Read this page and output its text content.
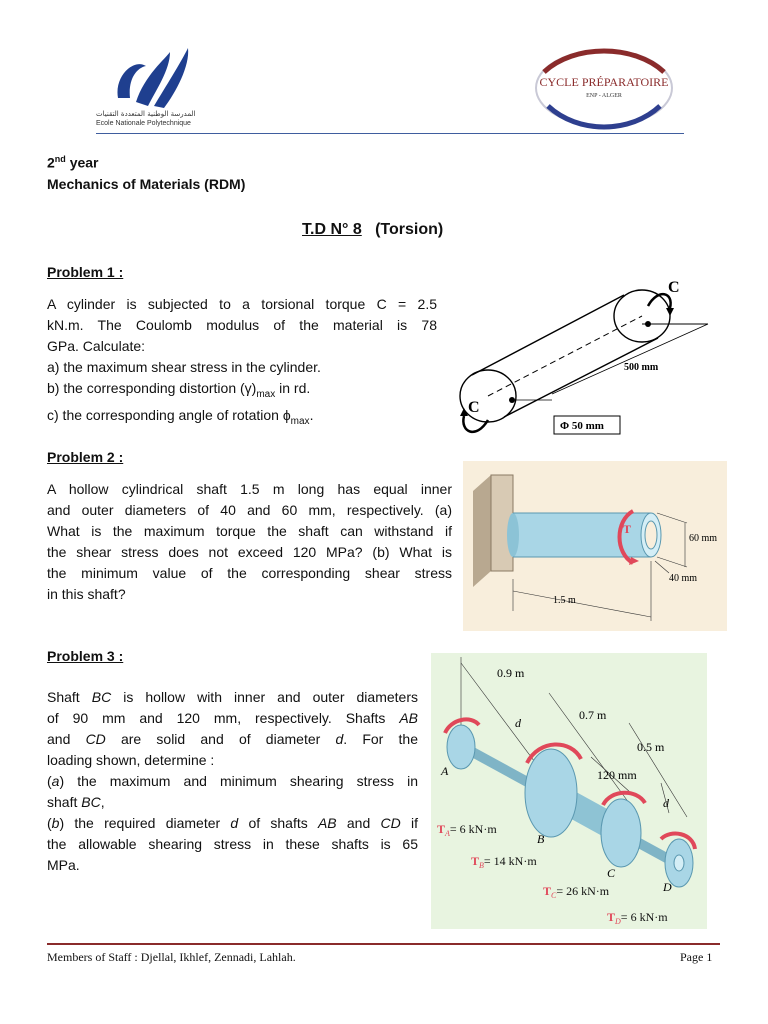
المدرسة الوطنية المتعددة التقنيات
Ecole Nationale Polytechnique
CYCLE PRÉPARATOIRE
ENP - ALGER
2nd year
Mechanics of Materials (RDM)
T.D N° 8 (Torsion)
Problem 1 :
A cylinder is subjected to a torsional torque C = 2.5
kN.m. The Coulomb modulus of the material is 78
GPa. Calculate:
a) the maximum shear stress in the cylinder.
b) the corresponding distortion $(\gamma)_{max}$ in rd.
c) the corresponding angle of rotation $\phi_{max}$.
C
C
500 mm
Φ 50 mm
Problem 2 :
A hollow cylindrical shaft 1.5 m long has equal inner
and outer diameters of 40 and 60 mm, respectively. (a)
What is the maximum torque the shaft can withstand if
the shear stress does not exceed 120 MPa? (b) What is
the minimum value of the corresponding shear stress
in this shaft?
T
60 mm
40 mm
1.5 m
Problem 3 :
Shaft BC is hollow with inner and outer diameters
of 90 mm and 120 mm, respectively. Shafts AB
and CD are solid and of diameter d. For the
loading shown, determine :
(a) the maximum and minimum shearing stress in
shaft BC,
(b) the required diameter d of shafts AB and CD if
the allowable shearing stress in these shafts is 65
MPa.
0.9 m
0.7 m
0.5 m
120 mm
d
d
A
B
C
D
$T_A= 6$ kN·m
$T_B= 14$ kN·m
$T_C= 26$ kN·m
$T_D= 6$ kN·m
Members of Staff : Djellal, Ikhlef, Zennadi, Lahlah.	Page 1
